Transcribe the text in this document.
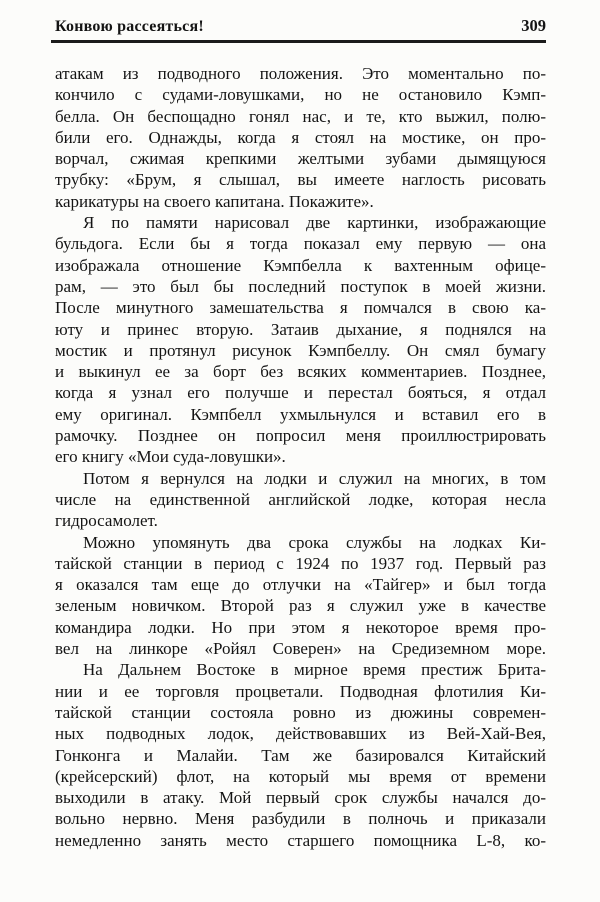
Конвою рассеяться!	309

атакам из подводного положения. Это моментально по-
кончило с судами-ловушками, но не остановило Кэмп-
белла. Он беспощадно гонял нас, и те, кто выжил, полю-
били его. Однажды, когда я стоял на мостике, он про-
ворчал, сжимая крепкими желтыми зубами дымящуюся
трубку: «Брум, я слышал, вы имеете наглость рисовать
карикатуры на своего капитана. Покажите».

Я по памяти нарисовал две картинки, изображающие
бульдога. Если бы я тогда показал ему первую — она
изображала отношение Кэмпбелла к вахтенным офице-
рам, — это был бы последний поступок в моей жизни.
После минутного замешательства я помчался в свою ка-
юту и принес вторую. Затаив дыхание, я поднялся на
мостик и протянул рисунок Кэмпбеллу. Он смял бумагу
и выкинул ее за борт без всяких комментариев. Позднее,
когда я узнал его получше и перестал бояться, я отдал
ему оригинал. Кэмпбелл ухмыльнулся и вставил его в
рамочку. Позднее он попросил меня проиллюстрировать
его книгу «Мои суда-ловушки».

Потом я вернулся на лодки и служил на многих, в том
числе на единственной английской лодке, которая несла
гидросамолет.

Можно упомянуть два срока службы на лодках Ки-
тайской станции в период с 1924 по 1937 год. Первый раз
я оказался там еще до отлучки на «Тайгер» и был тогда
зеленым новичком. Второй раз я служил уже в качестве
командира лодки. Но при этом я некоторое время про-
вел на линкоре «Ройял Соверен» на Средиземном море.

На Дальнем Востоке в мирное время престиж Брита-
нии и ее торговля процветали. Подводная флотилия Ки-
тайской станции состояла ровно из дюжины современ-
ных подводных лодок, действовавших из Вей-Хай-Вея,
Гонконга и Малайи. Там же базировался Китайский
(крейсерский) флот, на который мы время от времени
выходили в атаку. Мой первый срок службы начался до-
вольно нервно. Меня разбудили в полночь и приказали
немедленно занять место старшего помощника L-8, ко-
